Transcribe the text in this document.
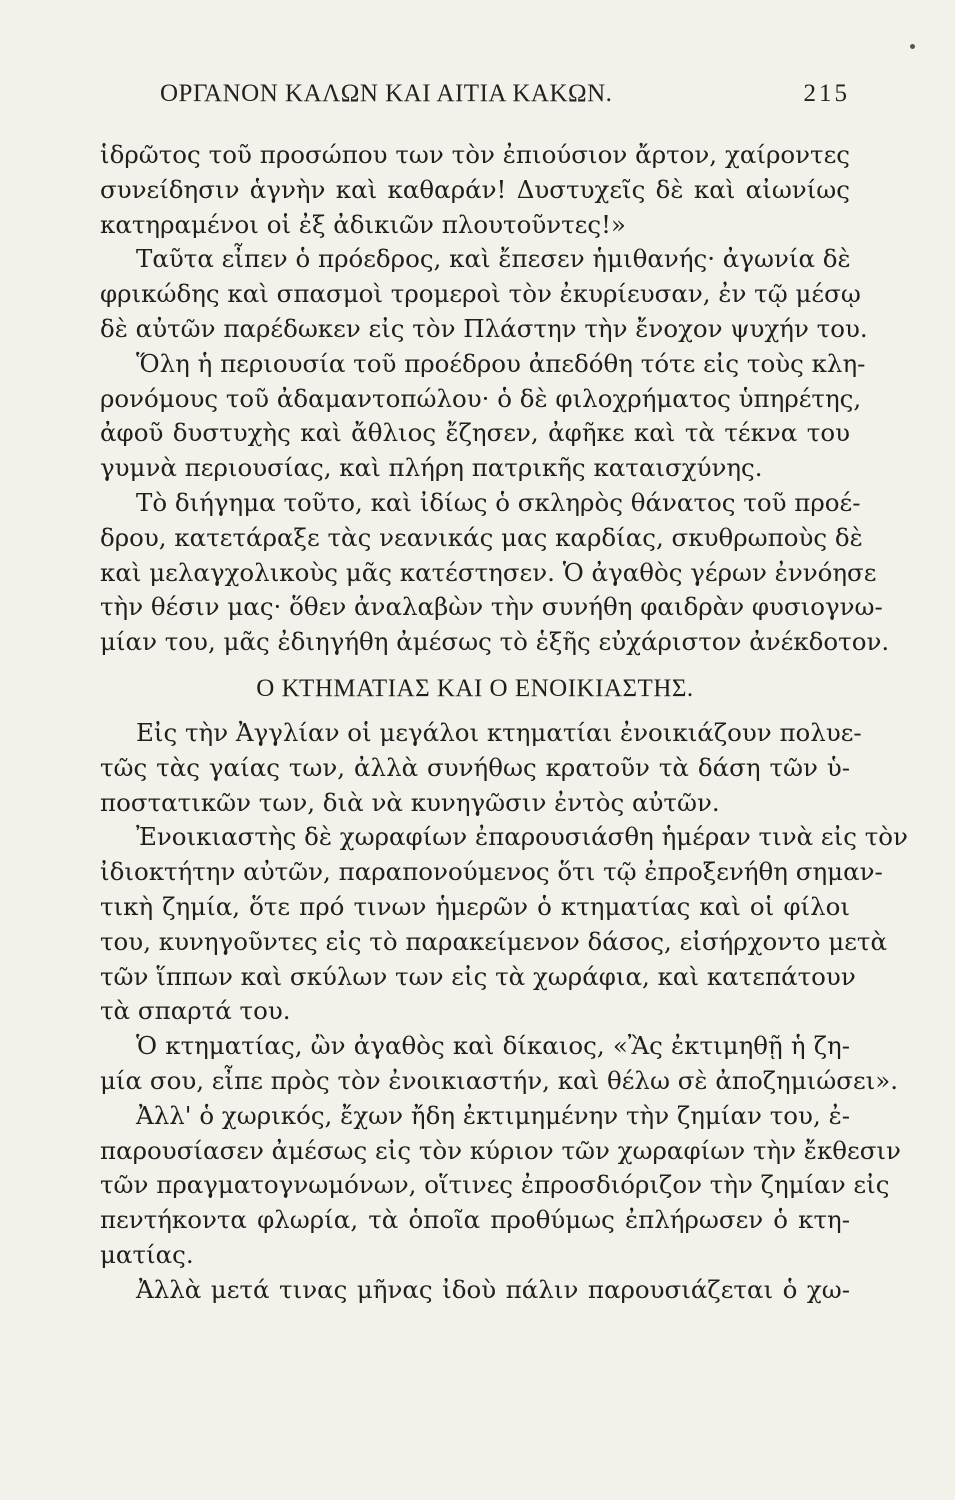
ΟΡΓΑΝΟΝ ΚΑΛΩΝ ΚΑΙ ΑΙΤΙΑ ΚΑΚΩΝ.	215

ἱδρῶτος τοῦ προσώπου των τὸν ἐπιούσιον ἄρτον, χαίροντες
συνείδησιν ἁγνὴν καὶ καθαράν! Δυστυχεῖς δὲ καὶ αἰωνίως
κατηραμένοι οἱ ἐξ ἀδικιῶν πλουτοῦντες!»

Ταῦτα εἶπεν ὁ πρόεδρος, καὶ ἔπεσεν ἡμιθανής· ἀγωνία δὲ
φρικώδης καὶ σπασμοὶ τρομεροὶ τὸν ἐκυρίευσαν, ἐν τῷ μέσῳ
δὲ αὐτῶν παρέδωκεν εἰς τὸν Πλάστην τὴν ἔνοχον ψυχήν του.

Ὅλη ἡ περιουσία τοῦ προέδρου ἀπεδόθη τότε εἰς τοὺς κλη-
ρονόμους τοῦ ἀδαμαντοπώλου· ὁ δὲ φιλοχρήματος ὑπηρέτης,
ἀφοῦ δυστυχὴς καὶ ἄθλιος ἔζησεν, ἀφῆκε καὶ τὰ τέκνα του
γυμνὰ περιουσίας, καὶ πλήρη πατρικῆς καταισχύνης.

Τὸ διήγημα τοῦτο, καὶ ἰδίως ὁ σκληρὸς θάνατος τοῦ προέ-
δρου, κατετάραξε τὰς νεανικάς μας καρδίας, σκυθρωποὺς δὲ
καὶ μελαγχολικοὺς μᾶς κατέστησεν. Ὁ ἀγαθὸς γέρων ἐννόησε
τὴν θέσιν μας· ὅθεν ἀναλαβὼν τὴν συνήθη φαιδρὰν φυσιογνω-
μίαν του, μᾶς ἐδιηγήθη ἀμέσως τὸ ἑξῆς εὐχάριστον ἀνέκδοτον.

Ο ΚΤΗΜΑΤΙΑΣ ΚΑΙ Ο ΕΝΟΙΚΙΑΣΤΗΣ.

Εἰς τὴν Ἀγγλίαν οἱ μεγάλοι κτηματίαι ἐνοικιάζουν πολυε-
τῶς τὰς γαίας των, ἀλλὰ συνήθως κρατοῦν τὰ δάση τῶν ὑ-
ποστατικῶν των, διὰ νὰ κυνηγῶσιν ἐντὸς αὐτῶν.

Ἐνοικιαστὴς δὲ χωραφίων ἐπαρουσιάσθη ἡμέραν τινὰ εἰς τὸν
ἰδιοκτήτην αὐτῶν, παραπονούμενος ὅτι τῷ ἐπροξενήθη σημαν-
τικὴ ζημία, ὅτε πρό τινων ἡμερῶν ὁ κτηματίας καὶ οἱ φίλοι
του, κυνηγοῦντες εἰς τὸ παρακείμενον δάσος, εἰσήρχοντο μετὰ
τῶν ἵππων καὶ σκύλων των εἰς τὰ χωράφια, καὶ κατεπάτουν
τὰ σπαρτά του.

Ὁ κτηματίας, ὢν ἀγαθὸς καὶ δίκαιος, «Ἂς ἐκτιμηθῇ ἡ ζη-
μία σου, εἶπε πρὸς τὸν ἐνοικιαστήν, καὶ θέλω σὲ ἀποζημιώσει».

Ἀλλ' ὁ χωρικός, ἔχων ἤδη ἐκτιμημένην τὴν ζημίαν του, ἐ-
παρουσίασεν ἀμέσως εἰς τὸν κύριον τῶν χωραφίων τὴν ἔκθεσιν
τῶν πραγματογνωμόνων, οἵτινες ἐπροσδιόριζον τὴν ζημίαν εἰς
πεντήκοντα φλωρία, τὰ ὁποῖα προθύμως ἐπλήρωσεν ὁ κτη-
ματίας.

Ἀλλὰ μετά τινας μῆνας ἰδοὺ πάλιν παρουσιάζεται ὁ χω-
